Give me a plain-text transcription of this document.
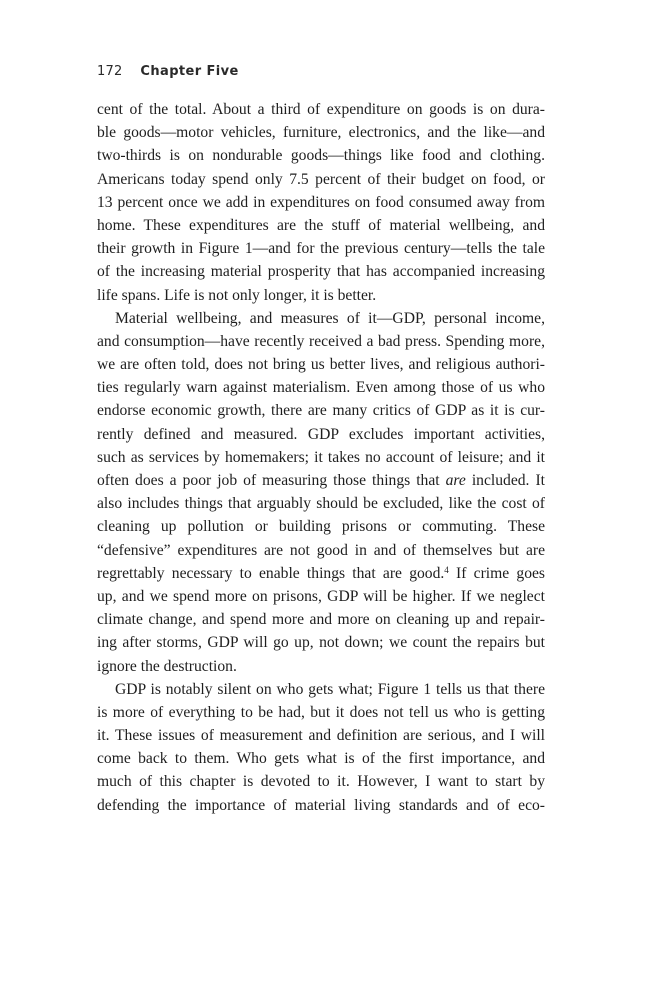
172 Chapter Five
cent of the total. About a third of expenditure on goods is on dura-
ble goods—motor vehicles, furniture, electronics, and the like—and
two-thirds is on nondurable goods—things like food and clothing.
Americans today spend only 7.5 percent of their budget on food, or
13 percent once we add in expenditures on food consumed away from
home. These expenditures are the stuff of material wellbeing, and
their growth in Figure 1—and for the previous century—tells the tale
of the increasing material prosperity that has accompanied increasing
life spans. Life is not only longer, it is better.
Material wellbeing, and measures of it—GDP, personal income,
and consumption—have recently received a bad press. Spending more,
we are often told, does not bring us better lives, and religious authori-
ties regularly warn against materialism. Even among those of us who
endorse economic growth, there are many critics of GDP as it is cur-
rently defined and measured. GDP excludes important activities,
such as services by homemakers; it takes no account of leisure; and it
often does a poor job of measuring those things that are included. It
also includes things that arguably should be excluded, like the cost of
cleaning up pollution or building prisons or commuting. These
“defensive” expenditures are not good in and of themselves but are
regrettably necessary to enable things that are good.$^4$ If crime goes
up, and we spend more on prisons, GDP will be higher. If we neglect
climate change, and spend more and more on cleaning up and repair-
ing after storms, GDP will go up, not down; we count the repairs but
ignore the destruction.
GDP is notably silent on who gets what; Figure 1 tells us that there
is more of everything to be had, but it does not tell us who is getting
it. These issues of measurement and definition are serious, and I will
come back to them. Who gets what is of the first importance, and
much of this chapter is devoted to it. However, I want to start by
defending the importance of material living standards and of eco-
